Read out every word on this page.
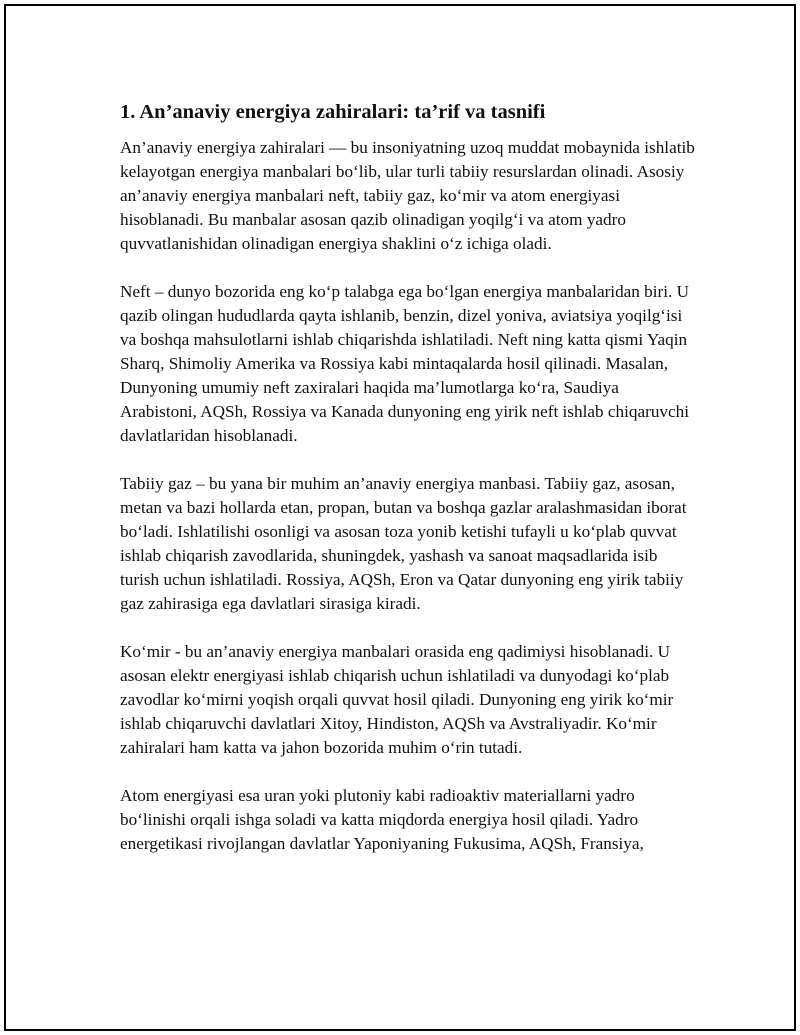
1. An’anaviy energiya zahiralari: ta’rif va tasnifi

An’anaviy energiya zahiralari — bu insoniyatning uzoq muddat mobaynida ishlatib kelayotgan energiya manbalari bo‘lib, ular turli tabiiy resurslardan olinadi. Asosiy an’anaviy energiya manbalari neft, tabiiy gaz, ko‘mir va atom energiyasi hisoblanadi. Bu manbalar asosan qazib olinadigan yoqilg‘i va atom yadro quvvatlanishidan olinadigan energiya shaklini o‘z ichiga oladi.

Neft – dunyo bozorida eng ko‘p talabga ega bo‘lgan energiya manbalaridan biri. U qazib olingan hududlarda qayta ishlanib, benzin, dizel yoniva, aviatsiya yoqilg‘isi va boshqa mahsulotlarni ishlab chiqarishda ishlatiladi. Neft ning katta qismi Yaqin Sharq, Shimoliy Amerika va Rossiya kabi mintaqalarda hosil qilinadi. Masalan, Dunyoning umumiy neft zaxiralari haqida ma’lumotlarga ko‘ra, Saudiya Arabistoni, AQSh, Rossiya va Kanada dunyoning eng yirik neft ishlab chiqaruvchi davlatlaridan hisoblanadi.

Tabiiy gaz – bu yana bir muhim an’anaviy energiya manbasi. Tabiiy gaz, asosan, metan va bazi hollarda etan, propan, butan va boshqa gazlar aralashmasidan iborat bo‘ladi. Ishlatilishi osonligi va asosan toza yonib ketishi tufayli u ko‘plab quvvat ishlab chiqarish zavodlarida, shuningdek, yashash va sanoat maqsadlarida isib turish uchun ishlatiladi. Rossiya, AQSh, Eron va Qatar dunyoning eng yirik tabiiy gaz zahirasiga ega davlatlari sirasiga kiradi.

Ko‘mir - bu an’anaviy energiya manbalari orasida eng qadimiysi hisoblanadi. U asosan elektr energiyasi ishlab chiqarish uchun ishlatiladi va dunyodagi ko‘plab zavodlar ko‘mirni yoqish orqali quvvat hosil qiladi. Dunyoning eng yirik ko‘mir ishlab chiqaruvchi davlatlari Xitoy, Hindiston, AQSh va Avstraliyadir. Ko‘mir zahiralari ham katta va jahon bozorida muhim o‘rin tutadi.

Atom energiyasi esa uran yoki plutoniy kabi radioaktiv materiallarni yadro bo‘linishi orqali ishga soladi va katta miqdorda energiya hosil qiladi. Yadro energetikasi rivojlangan davlatlar Yaponiyaning Fukusima, AQSh, Fransiya,
